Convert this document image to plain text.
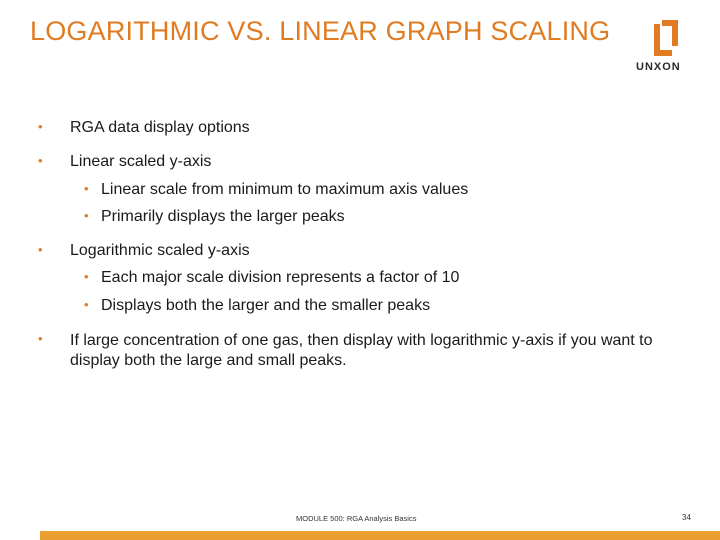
LOGARITHMIC VS. LINEAR GRAPH SCALING
UNXON
• RGA data display options
• Linear scaled y-axis
• Linear scale from minimum to maximum axis values
• Primarily displays the larger peaks
• Logarithmic scaled y-axis
• Each major scale division represents a factor of 10
• Displays both the larger and the smaller peaks
• If large concentration of one gas, then display with logarithmic y-axis if you want to display both the large and small peaks.
MODULE 500: RGA Analysis Basics	34
